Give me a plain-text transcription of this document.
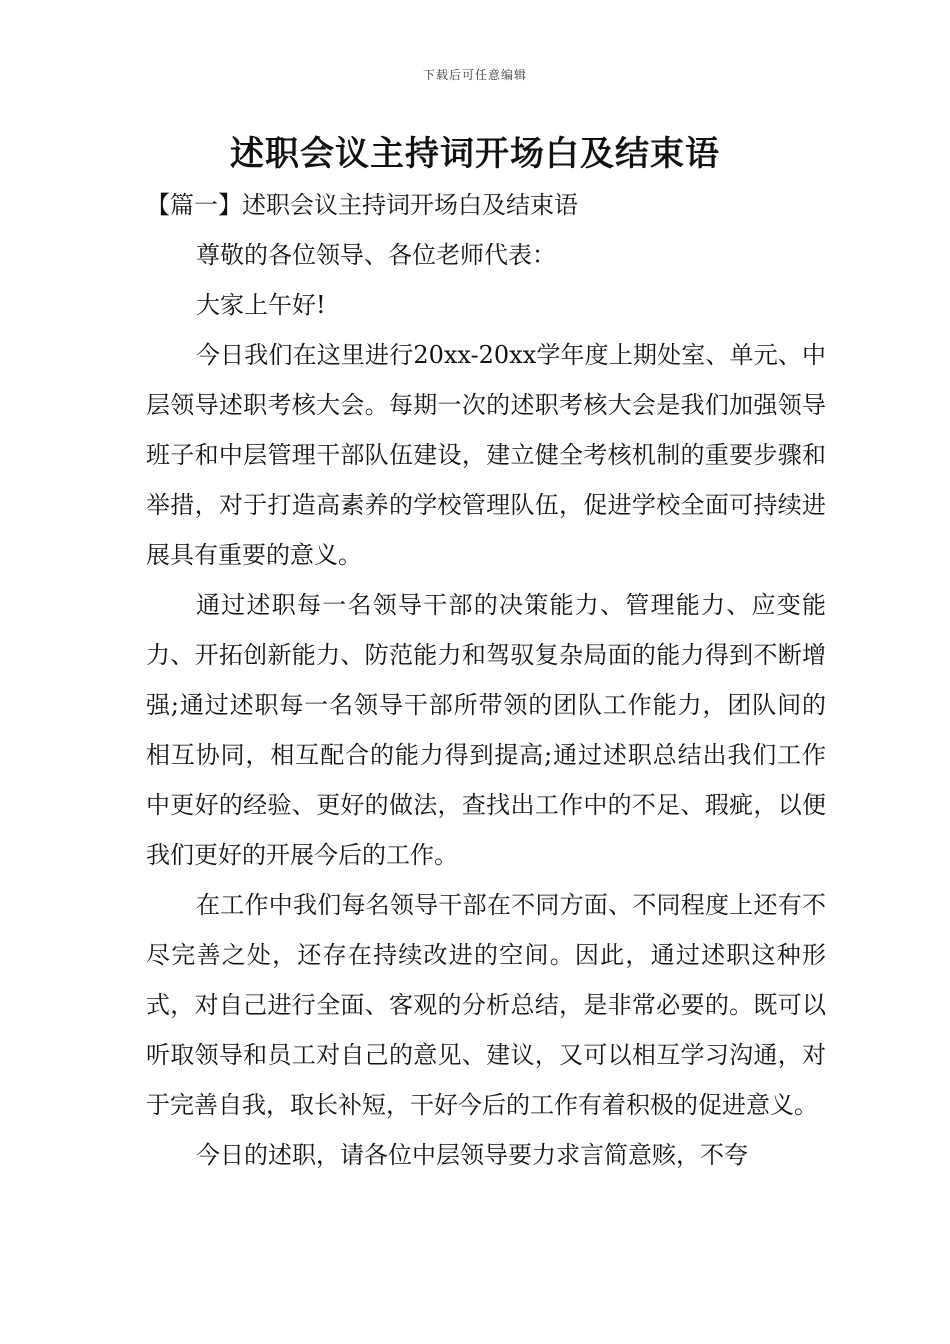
下载后可任意编辑
述职会议主持词开场白及结束语

【篇一】述职会议主持词开场白及结束语

尊敬的各位领导、各位老师代表：

大家上午好!

今日我们在这里进行20xx-20xx学年度上期处室、单元、中层领导述职考核大会。每期一次的述职考核大会是我们加强领导班子和中层管理干部队伍建设，建立健全考核机制的重要步骤和举措，对于打造高素养的学校管理队伍，促进学校全面可持续进展具有重要的意义。

通过述职每一名领导干部的决策能力、管理能力、应变能力、开拓创新能力、防范能力和驾驭复杂局面的能力得到不断增强;通过述职每一名领导干部所带领的团队工作能力，团队间的相互协同，相互配合的能力得到提高;通过述职总结出我们工作中更好的经验、更好的做法，查找出工作中的不足、瑕疵，以便我们更好的开展今后的工作。

在工作中我们每名领导干部在不同方面、不同程度上还有不尽完善之处，还存在持续改进的空间。因此，通过述职这种形式，对自己进行全面、客观的分析总结，是非常必要的。既可以听取领导和员工对自己的意见、建议，又可以相互学习沟通，对于完善自我，取长补短，干好今后的工作有着积极的促进意义。

今日的述职，请各位中层领导要力求言简意赅，不夸
